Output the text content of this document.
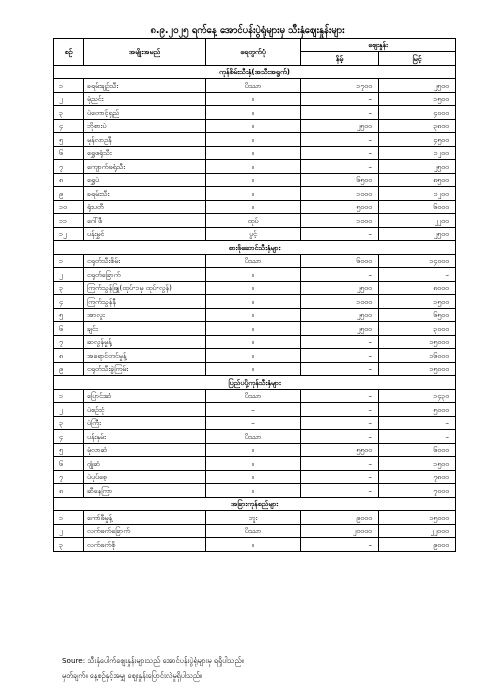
၈.၉.၂၀၂၅ ရက်နေ့ အောင်ပန်းပွဲရုံများမှ သီးနှံဈေးနှုန်းများ
စဉ်	အမျိုးအမည်	ရေတွက်ပုံ	ဈေးနှုန်း	
			နိမ့်	မြင့်
ကုန်စိမ်းသီးနှံ(အသီးအရွက်)				
၁	ခရမ်းချဉ်သီး	ပိဿာ	၁၇၀၀	၂၅၀၀
၂	မုံညင်း	။	–	၁၅၀၀
၃	ပဲတောင့်ရှည်	။	–	၄၀၀၀
၄	ဘိုစားပဲ	။	၂၅၀၀	၃၈၀၀
၅	မုန်လာဥနီ	။	–	၄၅၀၀
၆	ရွှေဖရုံသီး	။	–	၁၂၀၀
၇	ကျောက်ဖရုံသီး	။	–	၂၅၀၀
၈	ရွှေပဲ	။	၆၅၀၀	၈၅၀၀
၉	ခရမ်းသီး	။	၁၀၀၀	၁၂၀၀
၁၀	ရုံးပတီ	။	၅၀၀၀	၆၀၀၀
၁၁	ဂေါ်ဖီ	ထုပ်	၁၀၀၀	၂၂၀၀
၁၂	ပန်းမွှင်	ပွင့်	–	၂၅၀၀
စားဖိုဆောင်သီးနှံများ				
၁	ငရုတ်သီးစိမ်း	ပိဿာ	၆၀၀၀	၁၄၀၀၀
၂	ငရုတ်ခြောက်	။	–	–
၃	ကြက်သွန်ဖြူ(ထုပ်-၁မှ ထုပ်-လွန်)	။	၂၅၀၀	၈၀၀၀
၄	ကြက်သွန်နီ	။	၁၀၀၀	၁၅၀၀
၅	အာလူး	။	၂၅၀၀	၆၅၀၀
၆	ချင်း	။	၂၅၀၀	၃၀၀၀
၇	ဆလွန်မှုန့်	။	–	၁၅၀၀၀
၈	အရောင်တင်မှုန့်	။	–	၁၆၀၀၀
၉	ငရုတ်သီးခွဲကြမ်း	။	–	၁၅၀၀၀
ပြည်ပပို့ကုန်သီးနှံများ				
၁	ပြောင်းဆံ	ပိဿာ	–	၁၄၃၀
၂	ပဲစဉ်းငုံ	–	–	၅၀၀၀
၃	ပဲကြီး	–	–	–
၄	ပန်းနှမ်း	ပိဿာ	–	–
၅	မုံလာဆံ	။	၅၅၀၀	၆၀၀၀
၆	ဂျုံဆံ	။	–	၁၅၀၀
၇	ပဲပုပ်စေ့	။	–	၇၈၀၀
၈	ဆီနေကြာ	။	–	၇၀၀၀
အခြားကုန်စည်များ				
၁	ကော်ဖီမှုန့်	ဘူး	၉၀၀၀	၁၅၀၀၀
၂	လက်ဖက်ခြောက်	ပိဿာ	၂၀၀၀၀	၂၂၀၀၀
၃	လက်ဖက်စို	။	–	၉၀၀၀
Soure: သီးနှံပေါက်ဈေးနှုန်းများသည် အောင်ပန်းပွဲရုံများမှ ရရှိပါသည်။
မှတ်ချက်။ နေ့စဉ်နှင့်အမျှ ဈေးနှုန်းပြောင်းလဲမှုရှိပါသည်။
